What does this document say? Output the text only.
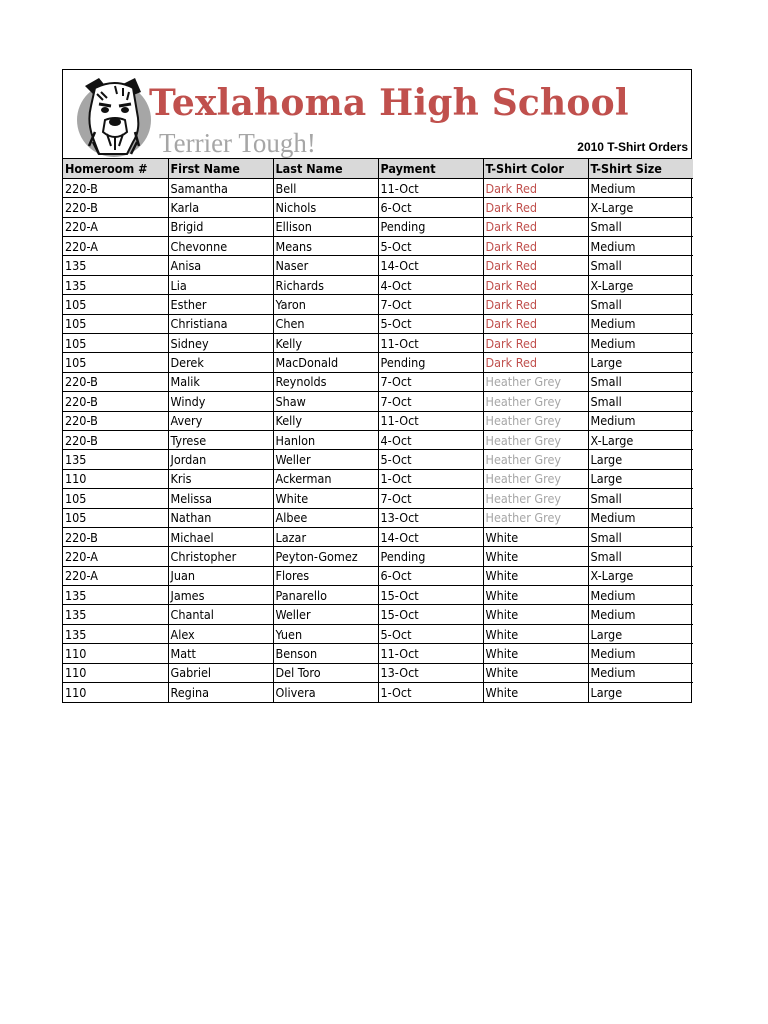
Texlahoma High School
Terrier Tough!	2010 T-Shirt Orders
Homeroom #	First Name	Last Name	Payment	T-Shirt Color	T-Shirt Size
220-B	Samantha	Bell	11-Oct	Dark Red	Medium
220-B	Karla	Nichols	6-Oct	Dark Red	X-Large
220-A	Brigid	Ellison	Pending	Dark Red	Small
220-A	Chevonne	Means	5-Oct	Dark Red	Medium
135	Anisa	Naser	14-Oct	Dark Red	Small
135	Lia	Richards	4-Oct	Dark Red	X-Large
105	Esther	Yaron	7-Oct	Dark Red	Small
105	Christiana	Chen	5-Oct	Dark Red	Medium
105	Sidney	Kelly	11-Oct	Dark Red	Medium
105	Derek	MacDonald	Pending	Dark Red	Large
220-B	Malik	Reynolds	7-Oct	Heather Grey	Small
220-B	Windy	Shaw	7-Oct	Heather Grey	Small
220-B	Avery	Kelly	11-Oct	Heather Grey	Medium
220-B	Tyrese	Hanlon	4-Oct	Heather Grey	X-Large
135	Jordan	Weller	5-Oct	Heather Grey	Large
110	Kris	Ackerman	1-Oct	Heather Grey	Large
105	Melissa	White	7-Oct	Heather Grey	Small
105	Nathan	Albee	13-Oct	Heather Grey	Medium
220-B	Michael	Lazar	14-Oct	White	Small
220-A	Christopher	Peyton-Gomez	Pending	White	Small
220-A	Juan	Flores	6-Oct	White	X-Large
135	James	Panarello	15-Oct	White	Medium
135	Chantal	Weller	15-Oct	White	Medium
135	Alex	Yuen	5-Oct	White	Large
110	Matt	Benson	11-Oct	White	Medium
110	Gabriel	Del Toro	13-Oct	White	Medium
110	Regina	Olivera	1-Oct	White	Large
